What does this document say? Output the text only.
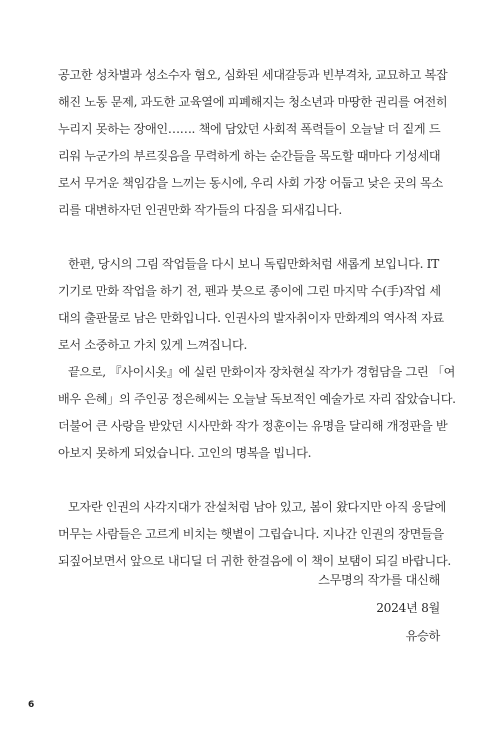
공고한 성차별과 성소수자 혐오, 심화된 세대갈등과 빈부격차, 교묘하고 복잡
해진 노동 문제, 과도한 교육열에 피폐해지는 청소년과 마땅한 권리를 여전히
누리지 못하는 장애인……. 책에 담았던 사회적 폭력들이 오늘날 더 짙게 드
리워 누군가의 부르짖음을 무력하게 하는 순간들을 목도할 때마다 기성세대
로서 무거운 책임감을 느끼는 동시에, 우리 사회 가장 어둡고 낮은 곳의 목소
리를 대변하자던 인권만화 작가들의 다짐을 되새깁니다.
한편, 당시의 그림 작업들을 다시 보니 독립만화처럼 새롭게 보입니다. IT
기기로 만화 작업을 하기 전, 펜과 붓으로 종이에 그린 마지막 수(手)작업 세
대의 출판물로 남은 만화입니다. 인권사의 발자취이자 만화계의 역사적 자료
로서 소중하고 가치 있게 느껴집니다.
끝으로, 『사이시옷』에 실린 만화이자 장차현실 작가가 경험담을 그린 「여
배우 은혜」의 주인공 정은혜씨는 오늘날 독보적인 예술가로 자리 잡았습니다.
더불어 큰 사랑을 받았던 시사만화 작가 정훈이는 유명을 달리해 개정판을 받
아보지 못하게 되었습니다. 고인의 명복을 빕니다.
모자란 인권의 사각지대가 잔설처럼 남아 있고, 봄이 왔다지만 아직 응달에
머무는 사람들은 고르게 비치는 햇볕이 그립습니다. 지나간 인권의 장면들을
되짚어보면서 앞으로 내디딜 더 귀한 한걸음에 이 책이 보탬이 되길 바랍니다.
스무명의 작가를 대신해
2024년 8월
유승하
6
